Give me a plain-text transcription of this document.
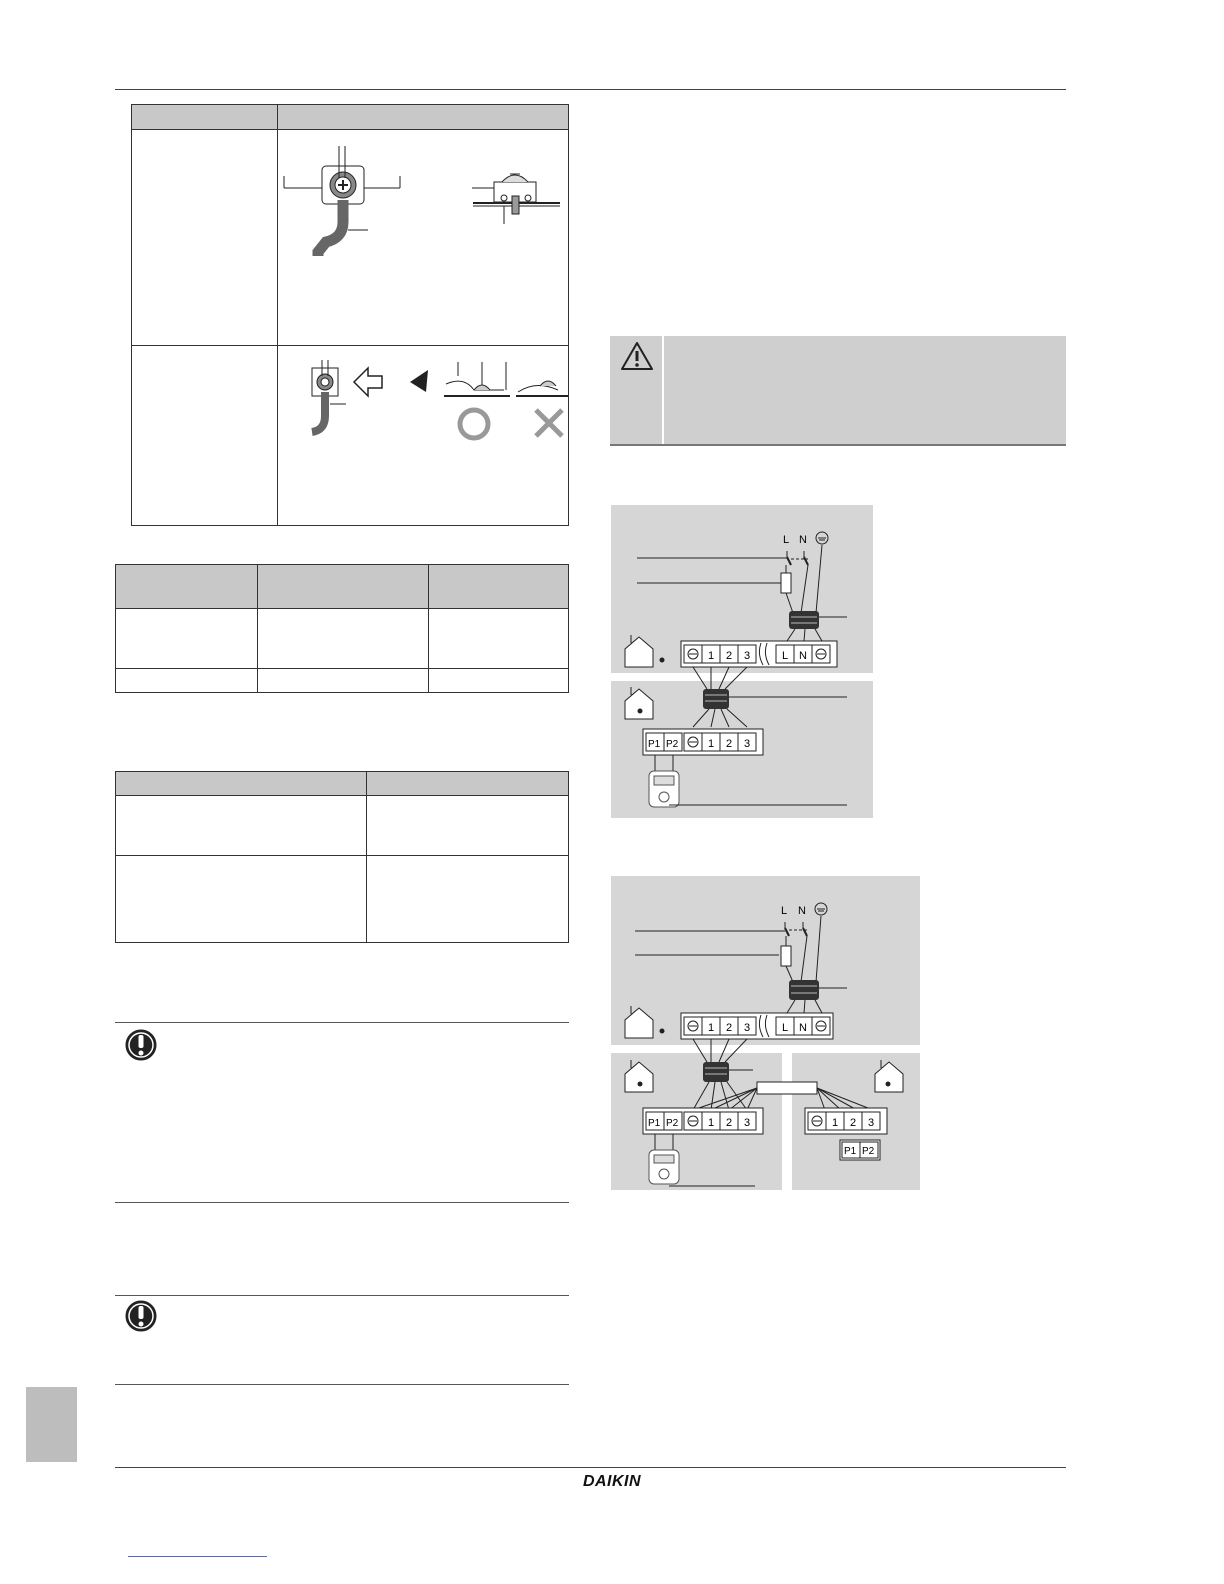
L N
1 2 3	L N
P1 P2	1 2 3
L N
1 2 3	L N
P1 P2	1 2 3	1 2 3
P1 P2
DAIKIN
